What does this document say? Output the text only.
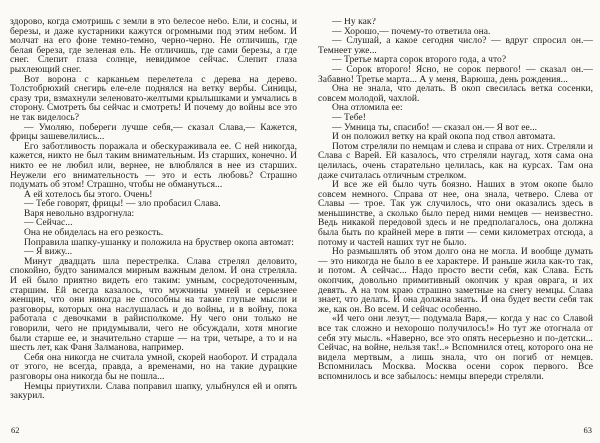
здорово, когда смотришь с земли в это белесое небо. Ели, и сосны, и березы, и даже кустарники кажутся огромными под этим небом. И молчат на его фоне темно-темно, черно-черно. Не отличишь, где белая береза, где зеленая ель. Не отличишь, где сами березы, а где снег. Слепит глаза солнце, невидимое сейчас. Слепит глаза рыхлеющий снег.

Вот ворона с карканьем перелетела с дерева на дерево. Толстобрюхий снегирь еле-еле поднялся на ветку вербы. Синицы, сразу три, взмахнули зеленовато-желтыми крылышками и умчались в сторону. Смотреть бы сейчас и смотреть! И почему до войны все это не так виделось?

— Умоляю, побереги лучше себя,— сказал Слава,— Кажется, фрицы зашевелились...

Его заботливость поражала и обескураживала ее. С ней никогда, кажется, никто не был таким внимательным. Из старших, конечно. И никто ее не любил или, вернее, не влюблялся в нее из старших. Неужели его внимательность — это и есть любовь? Страшно подумать об этом! Страшно, чтобы не обмануться...

А ей хотелось бы этого. Очень!

— Тебе говорят, фрицы! — зло пробасил Слава.

Варя невольно вздрогнула:

— Сейчас...

Она не обиделась на его резкость.

Поправила шапку-ушанку и положила на бруствер окопа автомат:

— Я вижу...

Минут двадцать шла перестрелка. Слава стрелял деловито, спокойно, будто занимался мирным важным делом. И она стреляла. И ей было приятно видеть его таким: умным, сосредоточенным, старшим. Ей всегда казалось, что мужчины умней и серьезнее женщин, что они никогда не способны на такие глупые мысли и разговоры, которых она наслушалась и до войны, и в войну, пока работала с девочками в райисполкоме. Ну чего они только не говорили, чего не придумывали, чего не обсуждали, хотя многие были старше ее, и значительно старше — на три, четыре, а то и на шесть лет, как Фаня Залманова, например.

Себя она никогда не считала умной, скорей наоборот. И страдала от этого, не всегда, правда, а временами, но на такие дурацкие разговоры она никогда бы не пошла...

Немцы приутихли. Слава поправил шапку, улыбнулся ей и опять закурил.

62

— Ну как?

— Хорошо,— почему-то ответила она.

— Слушай, а какое сегодня число? — вдруг спросил он.— Темнеет уже...

— Третье марта сорок второго года, а что?

— Сорок второго! Ясно, не сорок первого! — сказал он.— Забавно! Третье марта... А у меня, Варюша, день рождения...

Она не знала, что делать. В окоп свесилась ветка сосенки, совсем молодой, чахлой.

Она отломила ее:

— Тебе!

— Умница ты, спасибо! — сказал он.— Я вот ее...

И он положил ветку на край окопа под ствол автомата.

Потом стреляли по немцам и слева и справа от них. Стреляли и Слава с Варей. Ей казалось, что стреляли наугад, хотя сама она целилась, очень старательно целилась, как на курсах. Там она даже считалась отличным стрелком.

И все же ей было чуть боязно. Наших в этом окопе было совсем немного. Справа от нее, она знала, четверо. Слева от Славы — трое. Так уж случилось, что они оказались здесь в меньшинстве, а сколько было перед ними немцев — неизвестно. Ведь никакой передовой здесь и не предполагалось, она должна была быть по крайней мере в пяти — семи километрах отсюда, а потому и частей наших тут не было.

Но размышлять об этом долго она не могла. И вообще думать — это никогда не было в ее характере. И раньше жила как-то так, и потом. А сейчас... Надо просто вести себя, как Слава. Есть окопчик, довольно примитивный окопчик у края оврага, и их девять. А на том краю страшно заметные на снегу немцы. Слава знает, что делать. И она должна знать. И она будет вести себя так же, как он. Во всем. И сейчас особенно.

«И чего они лезут,— подумала Варя,— когда у нас со Славой все так сложно и нехорошо получилось!» Но тут же отогнала от себя эту мысль. «Наверно, все это опять несерьезно и по-детски... Сейчас, на войне, нельзя так!..» Вспомнился отец, которого она не видела мертвым, а лишь знала, что он погиб от немцев. Вспомнилась Москва. Москва осени сорок первого. Все вспомнилось и все забылось: немцы впереди стреляли.

63
